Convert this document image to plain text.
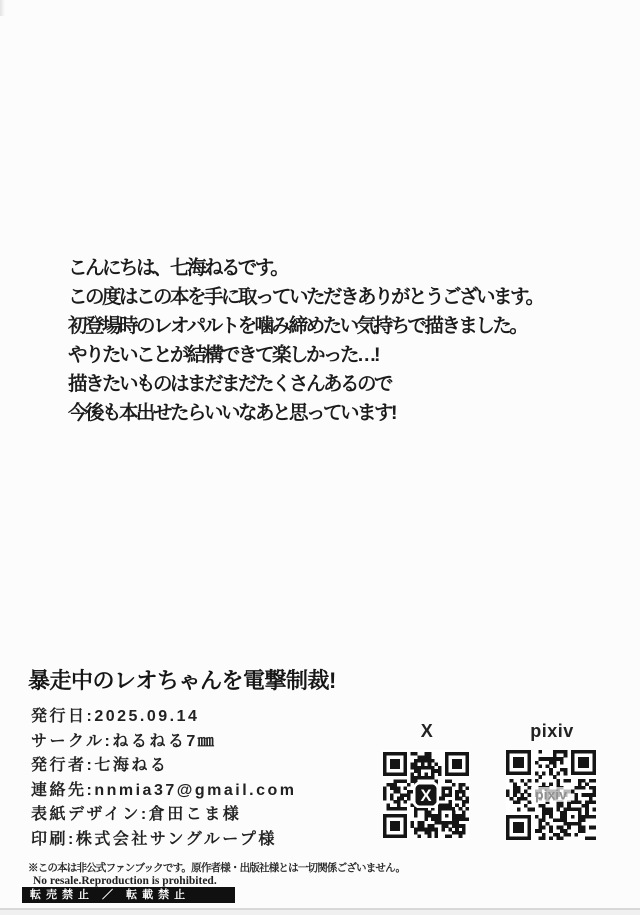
こんにちは、七海ねるです。
この度はこの本を手に取っていただきありがとうございます。
初登場時のレオパルトを噛み締めたい気持ちで描きました。
やりたいことが結構できて楽しかった…!
描きたいものはまだまだたくさんあるので
今後も本出せたらいいなあと思っています!
暴走中のレオちゃんを電撃制裁!
発行日:2025.09.14
サークル:ねるねる7㎜
発行者:七海ねる
連絡先:nnmia37@gmail.com
表紙デザイン:倉田こま様
印刷:株式会社サングループ様
X
X
pixiv
pixiv
※この本は非公式ファンブックです。原作者様・出版社様とは一切関係ございません。
No resale.Reproduction is prohibited.
転売禁止 ／ 転載禁止
